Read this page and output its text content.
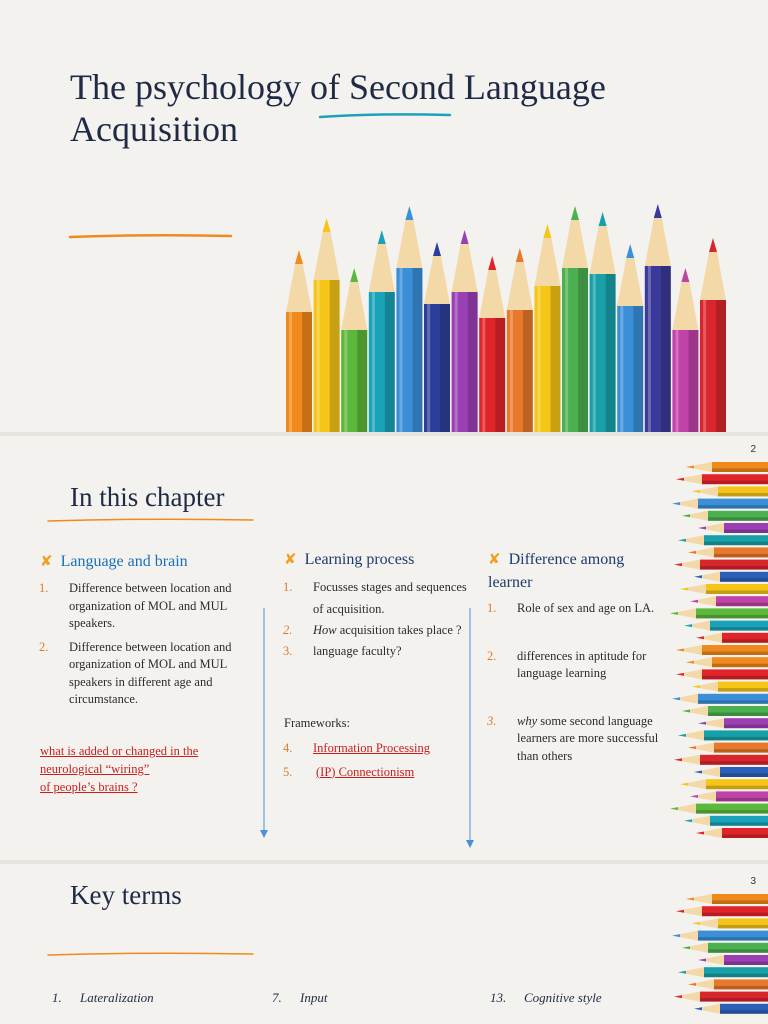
The psychology of Second Language Acquisition
2
In this chapter
✘ Language and brain
1. Difference between location and organization of MOL and MUL speakers.
2. Difference between location and organization of MOL and MUL speakers in different age and circumstance.
what is added or changed in the
neurological “wiring”
of people’s brains ?
✘ Learning process
1. Focusses stages and sequences of acquisition.
2. How acquisition takes place ?
3. language faculty?
Frameworks:
4. Information Processing
5. (IP) Connectionism
✘ Difference among learner
1. Role of sex and age on LA.
2. differences in aptitude for language learning
3. why some second language learners are more successful than others
3
Key terms
1. Lateralization	7. Input	13. Cognitive style
